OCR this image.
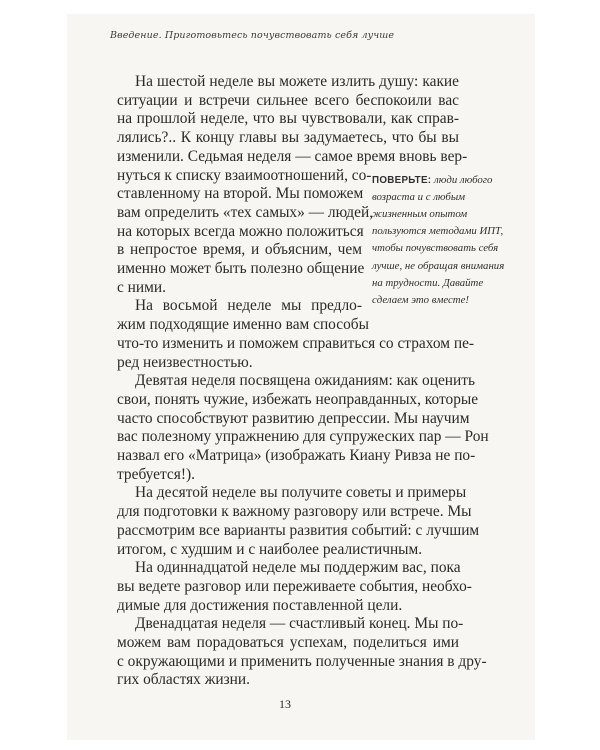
Введение. Приготовьтесь почувствовать себя лучше
На шестой неделе вы можете излить душу: какие
ситуации и встречи сильнее всего беспокоили вас
на прошлой неделе, что вы чувствовали, как справ-
лялись?.. К концу главы вы задумаетесь, что бы вы
изменили. Седьмая неделя — самое время вновь вер-
нуться к списку взаимоотношений, со-
ставленному на второй. Мы поможем
вам определить «тех самых» — людей,
на которых всегда можно положиться
в непростое время, и объясним, чем
именно может быть полезно общение
с ними.
На восьмой неделе мы предло-
жим подходящие именно вам способы
что-то изменить и поможем справиться со страхом пе-
ред неизвестностью.
Девятая неделя посвящена ожиданиям: как оценить
свои, понять чужие, избежать неоправданных, которые
часто способствуют развитию депрессии. Мы научим
вас полезному упражнению для супружеских пар — Рон
назвал его «Матрица» (изображать Киану Ривза не по-
требуется!).
На десятой неделе вы получите советы и примеры
для подготовки к важному разговору или встрече. Мы
рассмотрим все варианты развития событий: с лучшим
итогом, с худшим и с наиболее реалистичным.
На одиннадцатой неделе мы поддержим вас, пока
вы ведете разговор или переживаете события, необхо-
димые для достижения поставленной цели.
Двенадцатая неделя — счастливый конец. Мы по-
можем вам порадоваться успехам, поделиться ими
с окружающими и применить полученные знания в дру-
гих областях жизни.
ПОВЕРЬТЕ: люди любого
возраста и с любым
жизненным опытом
пользуются методами ИПТ,
чтобы почувствовать себя
лучше, не обращая внимания
на трудности. Давайте
сделаем это вместе!
13
